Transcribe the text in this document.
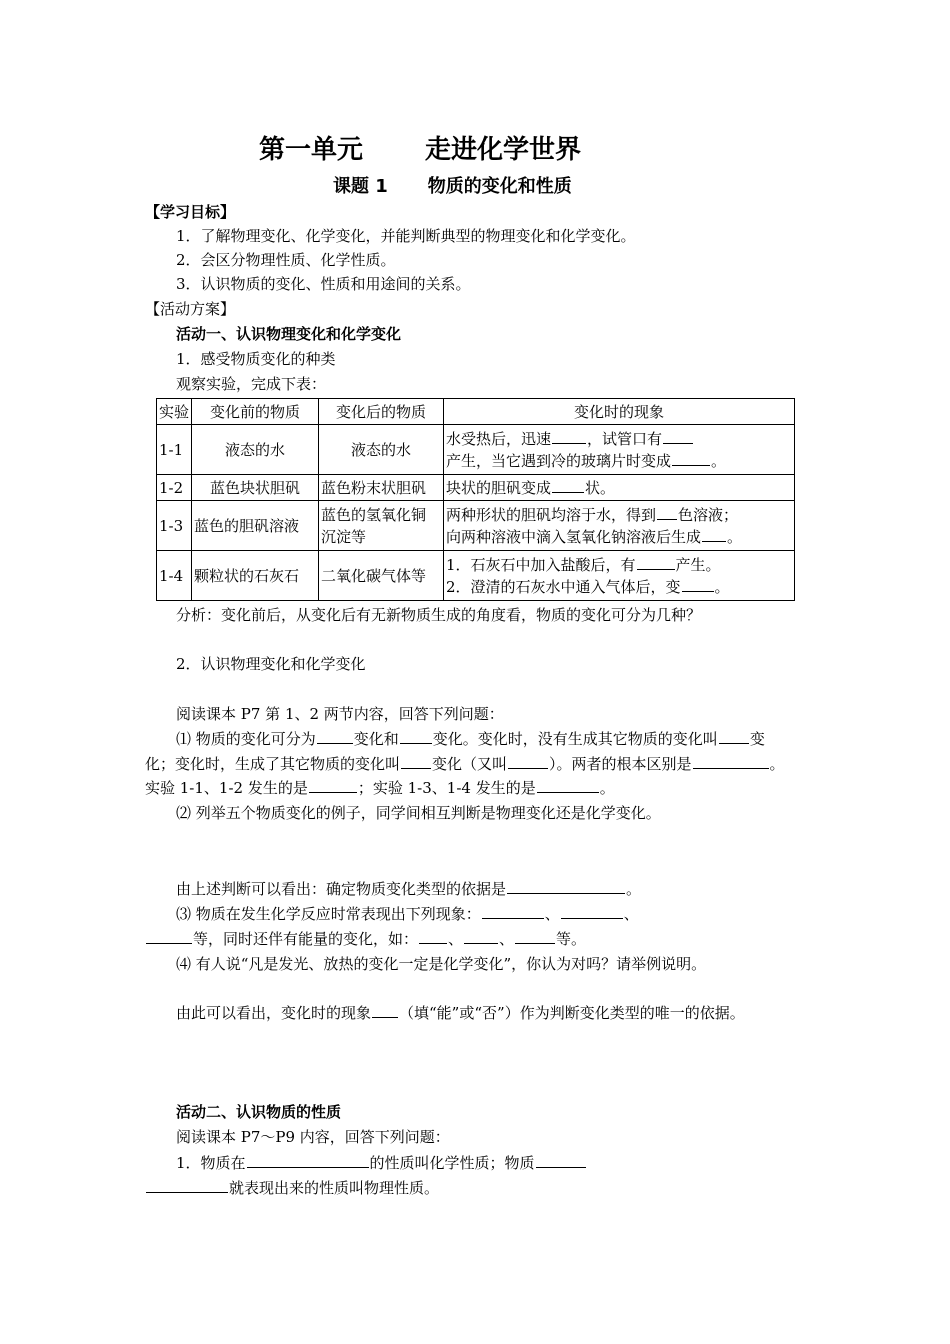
第一单元 走进化学世界
课题 1 物质的变化和性质
【学习目标】
1．了解物理变化、化学变化，并能判断典型的物理变化和化学变化。
2．会区分物理性质、化学性质。
3．认识物质的变化、性质和用途间的关系。
【活动方案】
活动一、认识物理变化和化学变化
1．感受物质变化的种类
观察实验，完成下表：
实验	变化前的物质	变化后的物质	变化时的现象
1-1	液态的水	液态的水	水受热后，迅速 ，试管口有
产生，当它遇到冷的玻璃片时变成 。

1-2	蓝色块状胆矾	蓝色粉末状胆矾	块状的胆矾变成 状。
1-3	蓝色的胆矾溶液	蓝色的氢氧化铜
沉淀等	两种形状的胆矾均溶于水，得到 色溶液；
向两种溶液中滴入氢氧化钠溶液后生成 。

1-4	颗粒状的石灰石	二氧化碳气体等	1．石灰石中加入盐酸后，有 产生。
2．澄清的石灰水中通入气体后，变 。
分析：变化前后，从变化后有无新物质生成的角度看，物质的变化可分为几种？
2．认识物理变化和化学变化
阅读课本 P7 第 1、2 两节内容，回答下列问题：
⑴ 物质的变化可分为	变化和 变化。变化时，没有生成其它物质的变化叫 变
化；变化时，生成了其它物质的变化叫 变化（又叫	）。两者的根本区别是	。
实验 1-1、1-2 发生的是	；实验 1-3、1-4 发生的是	。
⑵ 列举五个物质变化的例子，同学间相互判断是物理变化还是化学变化。
由上述判断可以看出：确定物质变化类型的依据是	。
⑶ 物质在发生化学反应时常表现出下列现象：	、	、
等，同时还伴有能量的变化，如： 、 、	等。
⑷ 有人说“凡是发光、放热的变化一定是化学变化”，你认为对吗？请举例说明。
由此可以看出，变化时的现象 （填“能”或“否”）作为判断变化类型的唯一的依据。
活动二、认识物质的性质
阅读课本 P7～P9 内容，回答下列问题：
1．物质在	的性质叫化学性质；物质
就表现出来的性质叫物理性质。
